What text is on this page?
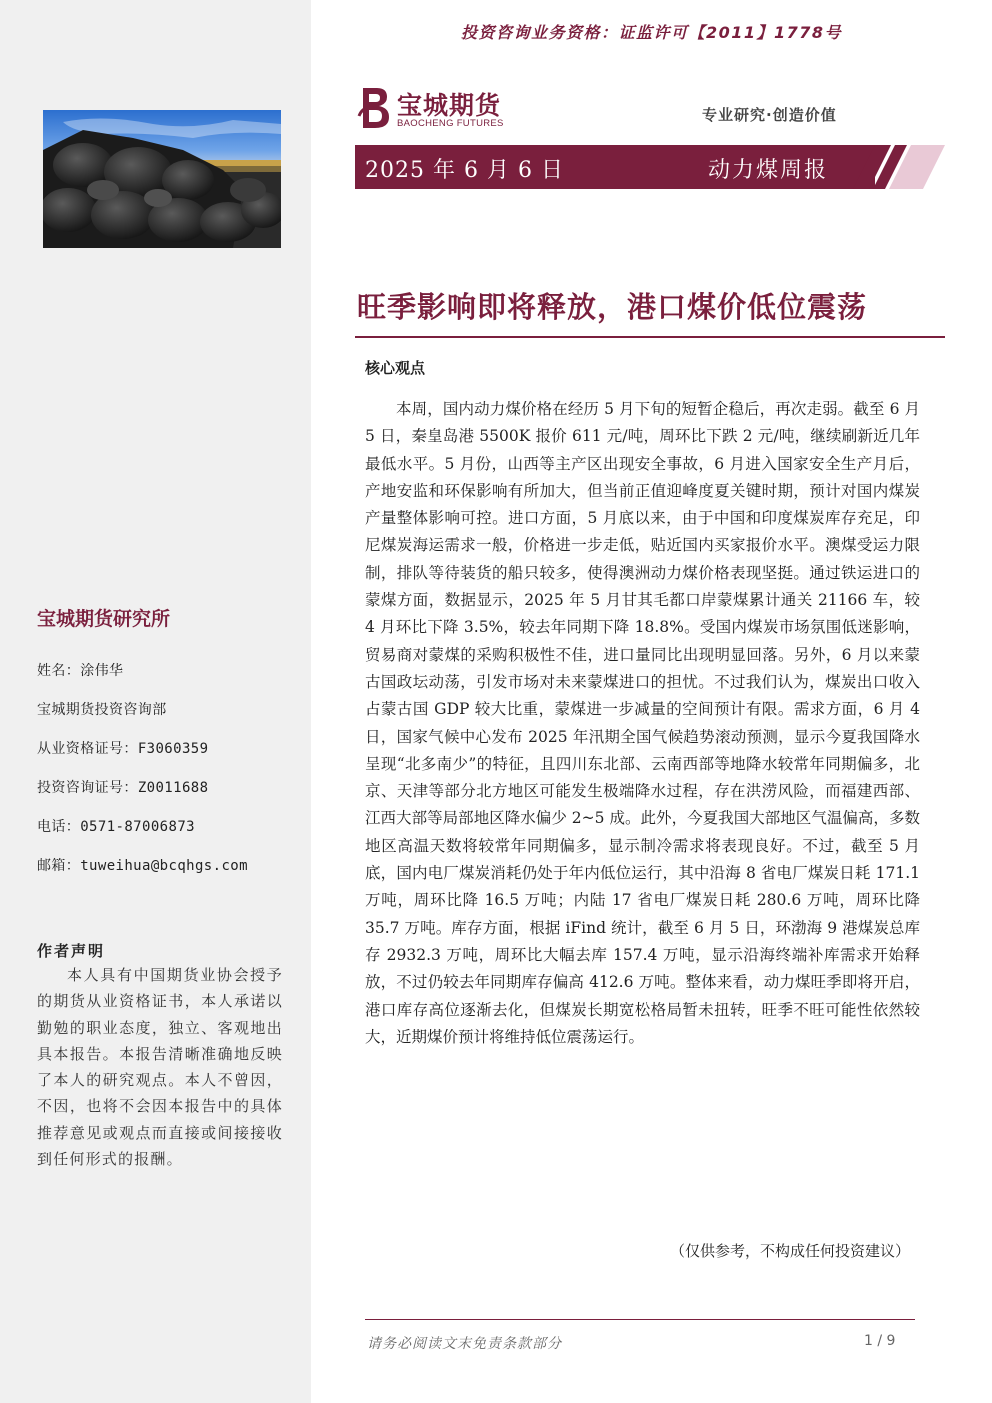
宝城期货研究所
姓名：涂伟华
宝城期货投资咨询部
从业资格证号：F3060359
投资咨询证号：Z0011688
电话：0571-87006873
邮箱：tuweihua@bcqhgs.com
作者声明
本人具有中国期货业协会授予的期货从业资格证书，本人承诺以勤勉的职业态度，独立、客观地出具本报告。本报告清晰准确地反映了本人的研究观点。本人不曾因，不因，也将不会因本报告中的具体推荐意见或观点而直接或间接接收到任何形式的报酬。
投资咨询业务资格：证监许可【2011】1778号
宝城期货
BAOCHENG FUTURES	专业研究·创造价值
2025 年 6 月 6 日	动力煤周报
旺季影响即将释放，港口煤价低位震荡
核心观点
本周，国内动力煤价格在经历 5 月下旬的短暂企稳后，再次走弱。截至 6 月 5 日，秦皇岛港 5500K 报价 611 元/吨，周环比下跌 2 元/吨，继续刷新近几年最低水平。5 月份，山西等主产区出现安全事故，6 月进入国家安全生产月后，产地安监和环保影响有所加大，但当前正值迎峰度夏关键时期，预计对国内煤炭产量整体影响可控。进口方面，5 月底以来，由于中国和印度煤炭库存充足，印尼煤炭海运需求一般，价格进一步走低，贴近国内买家报价水平。澳煤受运力限制，排队等待装货的船只较多，使得澳洲动力煤价格表现坚挺。通过铁运进口的蒙煤方面，数据显示，2025 年 5 月甘其毛都口岸蒙煤累计通关 21166 车，较 4 月环比下降 3.5%，较去年同期下降 18.8%。受国内煤炭市场氛围低迷影响，贸易商对蒙煤的采购积极性不佳，进口量同比出现明显回落。另外，6 月以来蒙古国政坛动荡，引发市场对未来蒙煤进口的担忧。不过我们认为，煤炭出口收入占蒙古国 GDP 较大比重，蒙煤进一步减量的空间预计有限。需求方面，6 月 4 日，国家气候中心发布 2025 年汛期全国气候趋势滚动预测，显示今夏我国降水呈现“北多南少”的特征，且四川东北部、云南西部等地降水较常年同期偏多，北京、天津等部分北方地区可能发生极端降水过程，存在洪涝风险，而福建西部、江西大部等局部地区降水偏少 2~5 成。此外，今夏我国大部地区气温偏高，多数地区高温天数将较常年同期偏多，显示制冷需求将表现良好。不过，截至 5 月底，国内电厂煤炭消耗仍处于年内低位运行，其中沿海 8 省电厂煤炭日耗 171.1 万吨，周环比降 16.5 万吨；内陆 17 省电厂煤炭日耗 280.6 万吨，周环比降 35.7 万吨。库存方面，根据 iFind 统计，截至 6 月 5 日，环渤海 9 港煤炭总库存 2932.3 万吨，周环比大幅去库 157.4 万吨，显示沿海终端补库需求开始释放，不过仍较去年同期库存偏高 412.6 万吨。整体来看，动力煤旺季即将开启，港口库存高位逐渐去化，但煤炭长期宽松格局暂未扭转，旺季不旺可能性依然较大，近期煤价预计将维持低位震荡运行。
（仅供参考，不构成任何投资建议）
请务必阅读文末免责条款部分	1 / 9
